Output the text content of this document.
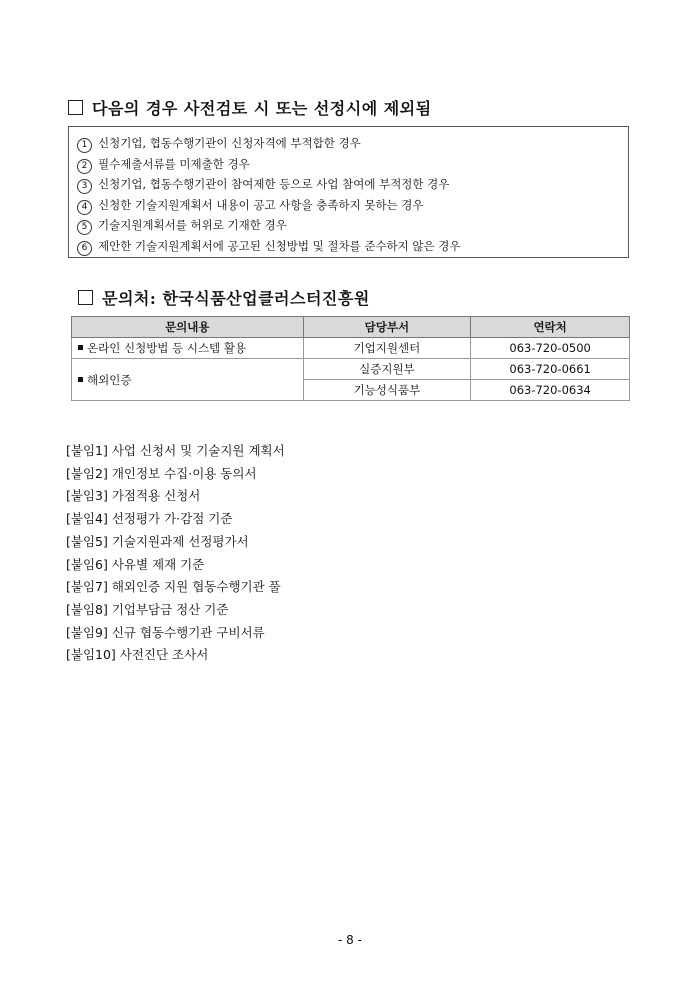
다음의 경우 사전검토 시 또는 선정시에 제외됨
1 신청기업, 협동수행기관이 신청자격에 부적합한 경우
2 필수제출서류를 미제출한 경우
3 신청기업, 협동수행기관이 참여제한 등으로 사업 참여에 부적정한 경우
4 신청한 기술지원계획서 내용이 공고 사항을 충족하지 못하는 경우
5 기술지원계획서를 허위로 기재한 경우
6 제안한 기술지원계획서에 공고된 신청방법 및 절차를 준수하지 않은 경우
문의처: 한국식품산업클러스터진흥원
문의내용	담당부서	연락처
온라인 신청방법 등 시스템 활용	기업지원센터	063-720-0500
해외인증	실증지원부	063-720-0661
	기능성식품부	063-720-0634
[붙임1] 사업 신청서 및 기술지원 계획서
[붙임2] 개인정보 수집·이용 동의서
[붙임3] 가점적용 신청서
[붙임4] 선정평가 가·감점 기준
[붙임5] 기술지원과제 선정평가서
[붙임6] 사유별 제재 기준
[붙임7] 해외인증 지원 협동수행기관 풀
[붙임8] 기업부담금 정산 기준
[붙임9] 신규 협동수행기관 구비서류
[붙임10] 사전진단 조사서
- 8 -
